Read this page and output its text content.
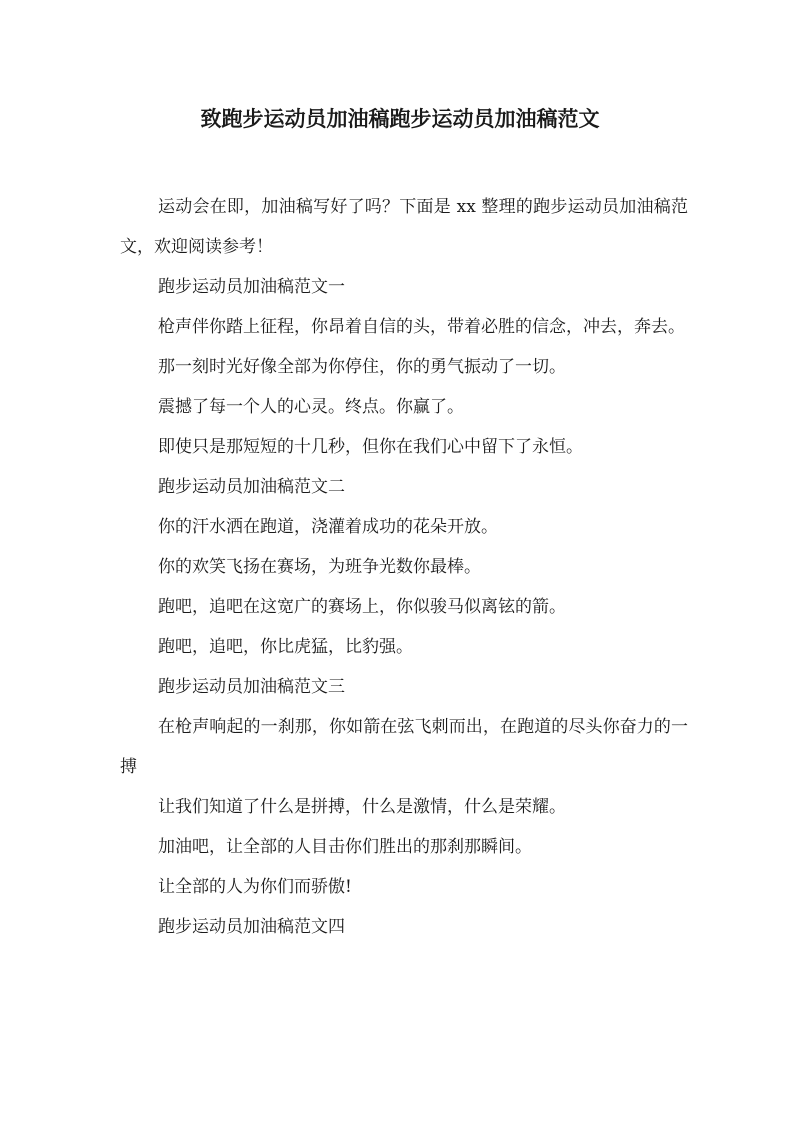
致跑步运动员加油稿跑步运动员加油稿范文

运动会在即，加油稿写好了吗？下面是 xx 整理的跑步运动员加油稿范文，欢迎阅读参考！

跑步运动员加油稿范文一

枪声伴你踏上征程，你昂着自信的头，带着必胜的信念，冲去，奔去。

那一刻时光好像全部为你停住，你的勇气振动了一切。

震撼了每一个人的心灵。终点。你赢了。

即使只是那短短的十几秒，但你在我们心中留下了永恒。

跑步运动员加油稿范文二

你的汗水洒在跑道，浇灌着成功的花朵开放。

你的欢笑飞扬在赛场，为班争光数你最棒。

跑吧，追吧在这宽广的赛场上，你似骏马似离铉的箭。

跑吧，追吧，你比虎猛，比豹强。

跑步运动员加油稿范文三

在枪声响起的一刹那，你如箭在弦飞刺而出，在跑道的尽头你奋力的一搏

让我们知道了什么是拼搏，什么是激情，什么是荣耀。

加油吧，让全部的人目击你们胜出的那刹那瞬间。

让全部的人为你们而骄傲!

跑步运动员加油稿范文四
